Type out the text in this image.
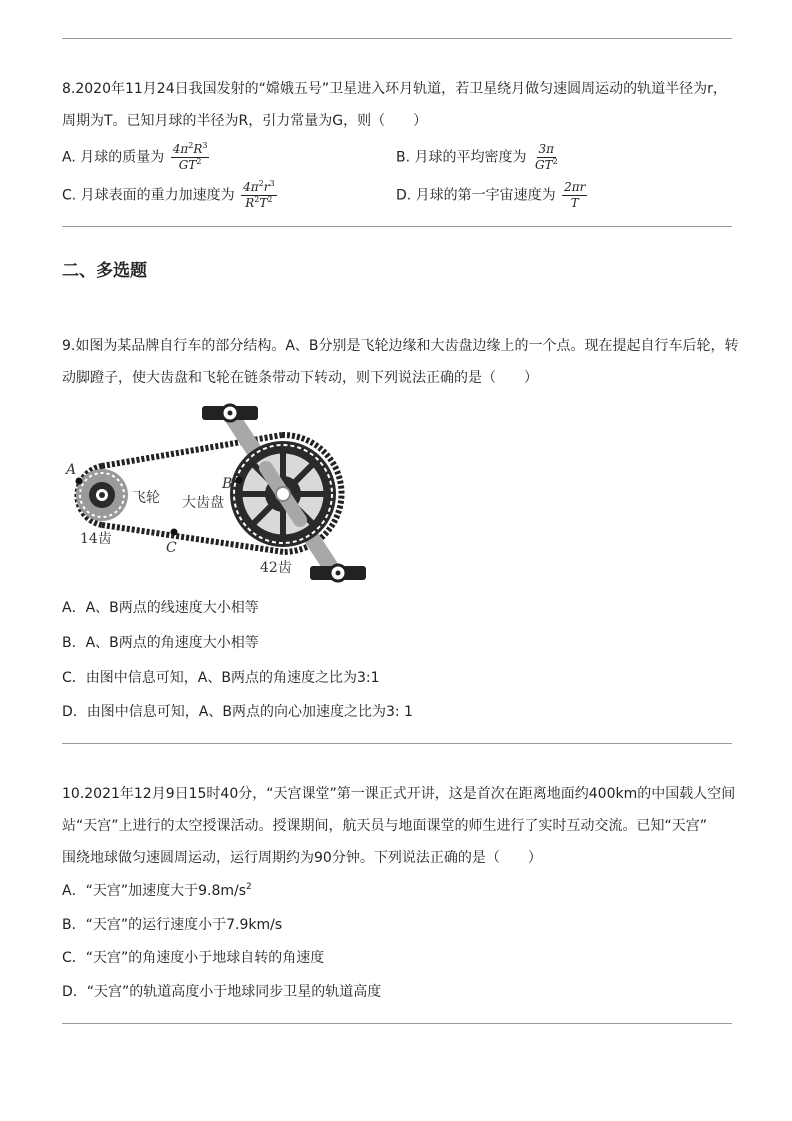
8.2020年11月24日我国发射的“嫦娥五号”卫星进入环月轨道，若卫星绕月做匀速圆周运动的轨道半径为r，
周期为T。已知月球的半径为R，引力常量为G，则（　　）
A. 月球的质量为 $\frac{4\pi^2R^3}{GT^2}$	B. 月球的平均密度为 $\frac{3\pi}{GT^2}$
C. 月球表面的重力加速度为 $\frac{4\pi^2r^3}{R^2T^2}$	D. 月球的第一宇宙速度为 $\frac{2\pi r}{T}$
二、多选题
9.如图为某品牌自行车的部分结构。A、B分别是飞轮边缘和大齿盘边缘上的一个点。现在提起自行车后轮，转
动脚蹬子，使大齿盘和飞轮在链条带动下转动，则下列说法正确的是（　　）
A
B
C
飞轮 大齿盘
14齿
42齿
A．A、B两点的线速度大小相等
B．A、B两点的角速度大小相等
C．由图中信息可知，A、B两点的角速度之比为3:1
D．由图中信息可知，A、B两点的向心加速度之比为3: 1
10.2021年12月9日15时40分，“天宫课堂”第一课正式开讲，这是首次在距离地面约400km的中国载人空间
站“天宫”上进行的太空授课活动。授课期间，航天员与地面课堂的师生进行了实时互动交流。已知“天宫”
围绕地球做匀速圆周运动，运行周期约为90分钟。下列说法正确的是（　　）
A．“天宫”加速度大于$9.8m/s^2$
B．“天宫”的运行速度小于7.9km/s
C．“天宫”的角速度小于地球自转的角速度
D．“天宫”的轨道高度小于地球同步卫星的轨道高度
